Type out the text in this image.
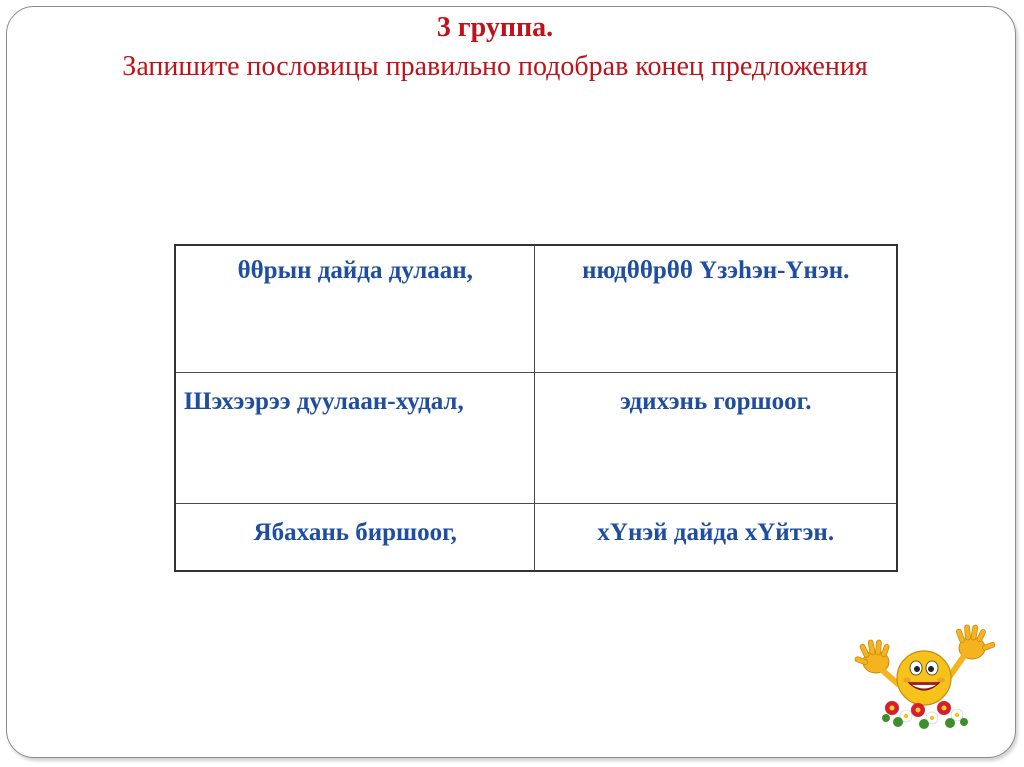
3 группа.
Запишите пословицы правильно подобрав конец предложения
θθрын дайда дулаан,	нюдθθрθθ Үзэһэн-Үнэн.
Шэхээрээ дуулаан-худал,	эдихэнь горшоог.
Ябахань биршоог,	хҮнэй дайда хҮйтэн.
